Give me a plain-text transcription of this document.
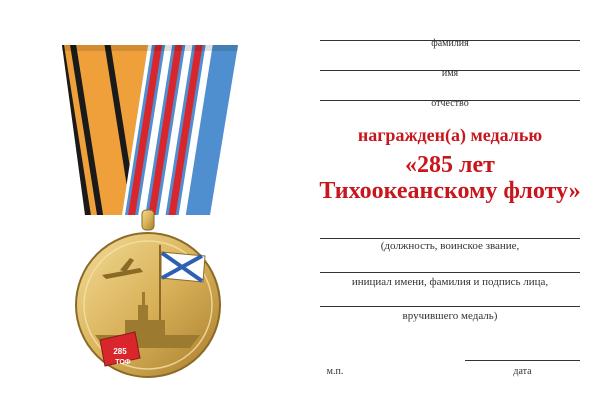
285
ТОФ
фамилия
имя
отчество
награжден(а) медалью
«285 лет
Тихоокеанскому флоту»
(должность, воинское звание,
инициал имени, фамилия и подпись лица,
вручившего медаль)
м.п.	дата
